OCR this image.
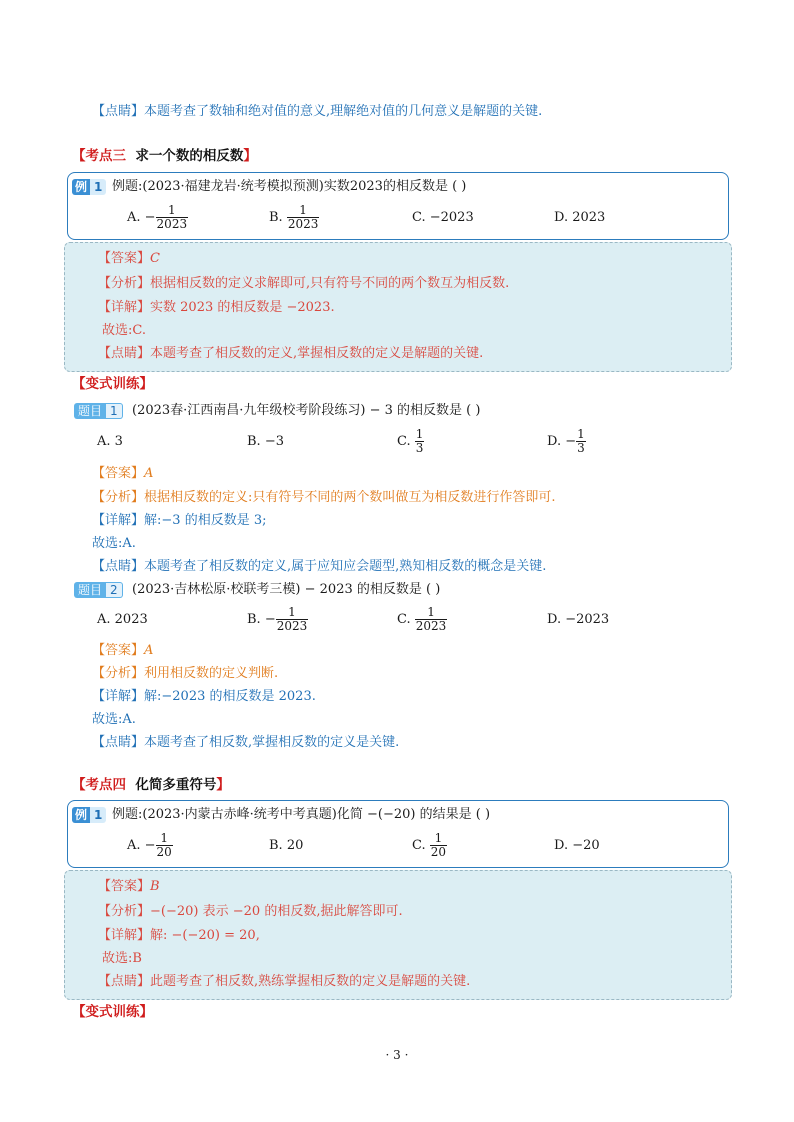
【点睛】本题考查了数轴和绝对值的意义,理解绝对值的几何意义是解题的关键.
【考点三 求一个数的相反数】
例 1 例题:(2023·福建龙岩·统考模拟预测)实数2023的相反数是 ( )
A. − $\frac{1}{2023}$	B. $\frac{1}{2023}$	C. −2023	D. 2023
【答案】C
【分析】根据相反数的定义求解即可,只有符号不同的两个数互为相反数.
【详解】实数 2023 的相反数是 −2023.
故选:C.
【点睛】本题考查了相反数的定义,掌握相反数的定义是解题的关键.
【变式训练】
题目 1	(2023春·江西南昌·九年级校考阶段练习) − 3 的相反数是 ( )
A. 3	B. −3	C. $\frac{1}{3}$	D. − $\frac{1}{3}$
【答案】A
【分析】根据相反数的定义:只有符号不同的两个数叫做互为相反数进行作答即可.
【详解】解:−3 的相反数是 3;
故选:A.
【点睛】本题考查了相反数的定义,属于应知应会题型,熟知相反数的概念是关键.
题目 2	(2023·吉林松原·校联考三模) − 2023 的相反数是 ( )
A. 2023	B. − $\frac{1}{2023}$	C. $\frac{1}{2023}$	D. −2023
【答案】A
【分析】利用相反数的定义判断.
【详解】解:−2023 的相反数是 2023.
故选:A.
【点睛】本题考查了相反数,掌握相反数的定义是关键.
【考点四 化简多重符号】
例 1 例题:(2023·内蒙古赤峰·统考中考真题)化简 −(−20) 的结果是 ( )
A. − $\frac{1}{20}$	B. 20	C. $\frac{1}{20}$	D. −20
【答案】B
【分析】−(−20) 表示 −20 的相反数,据此解答即可.
【详解】解: −(−20) = 20,
故选:B
【点睛】此题考查了相反数,熟练掌握相反数的定义是解题的关键.
【变式训练】
· 3 ·
